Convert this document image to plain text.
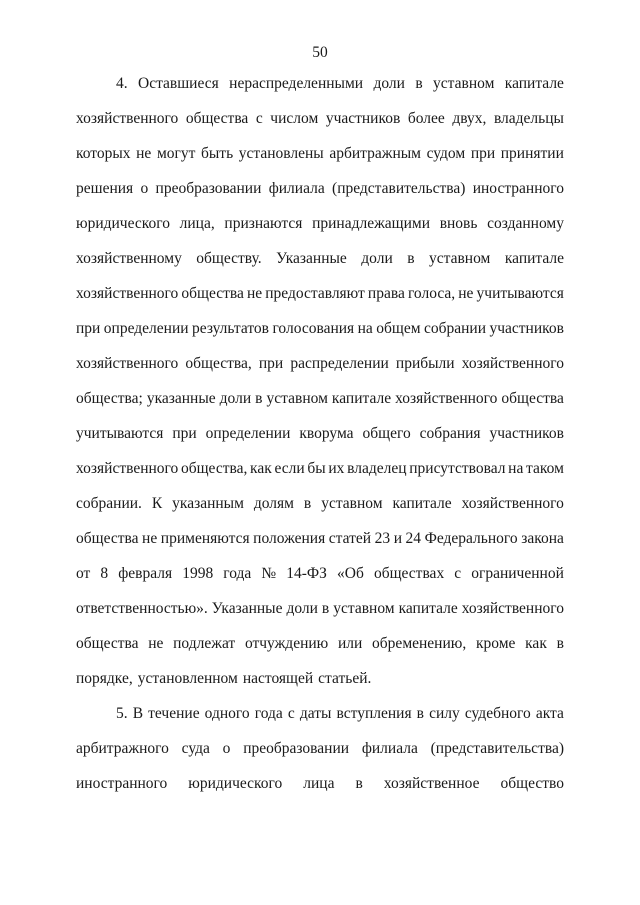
50
4. Оставшиеся нераспределенными доли в уставном капитале
хозяйственного общества с числом участников более двух, владельцы
которых не могут быть установлены арбитражным судом при принятии
решения о преобразовании филиала (представительства) иностранного
юридического лица, признаются принадлежащими вновь созданному
хозяйственному обществу. Указанные доли в уставном капитале
хозяйственного общества не предоставляют права голоса, не учитываются
при определении результатов голосования на общем собрании участников
хозяйственного общества, при распределении прибыли хозяйственного
общества; указанные доли в уставном капитале хозяйственного общества
учитываются при определении кворума общего собрания участников
хозяйственного общества, как если бы их владелец присутствовал на таком
собрании. К указанным долям в уставном капитале хозяйственного
общества не применяются положения статей 23 и 24 Федерального закона
от 8 февраля 1998 года № 14-ФЗ «Об обществах с ограниченной
ответственностью». Указанные доли в уставном капитале хозяйственного
общества не подлежат отчуждению или обременению, кроме как в
порядке, установленном настоящей статьей.
5. В течение одного года с даты вступления в силу судебного акта
арбитражного суда о преобразовании филиала (представительства)
иностранного юридического лица в хозяйственное общество
